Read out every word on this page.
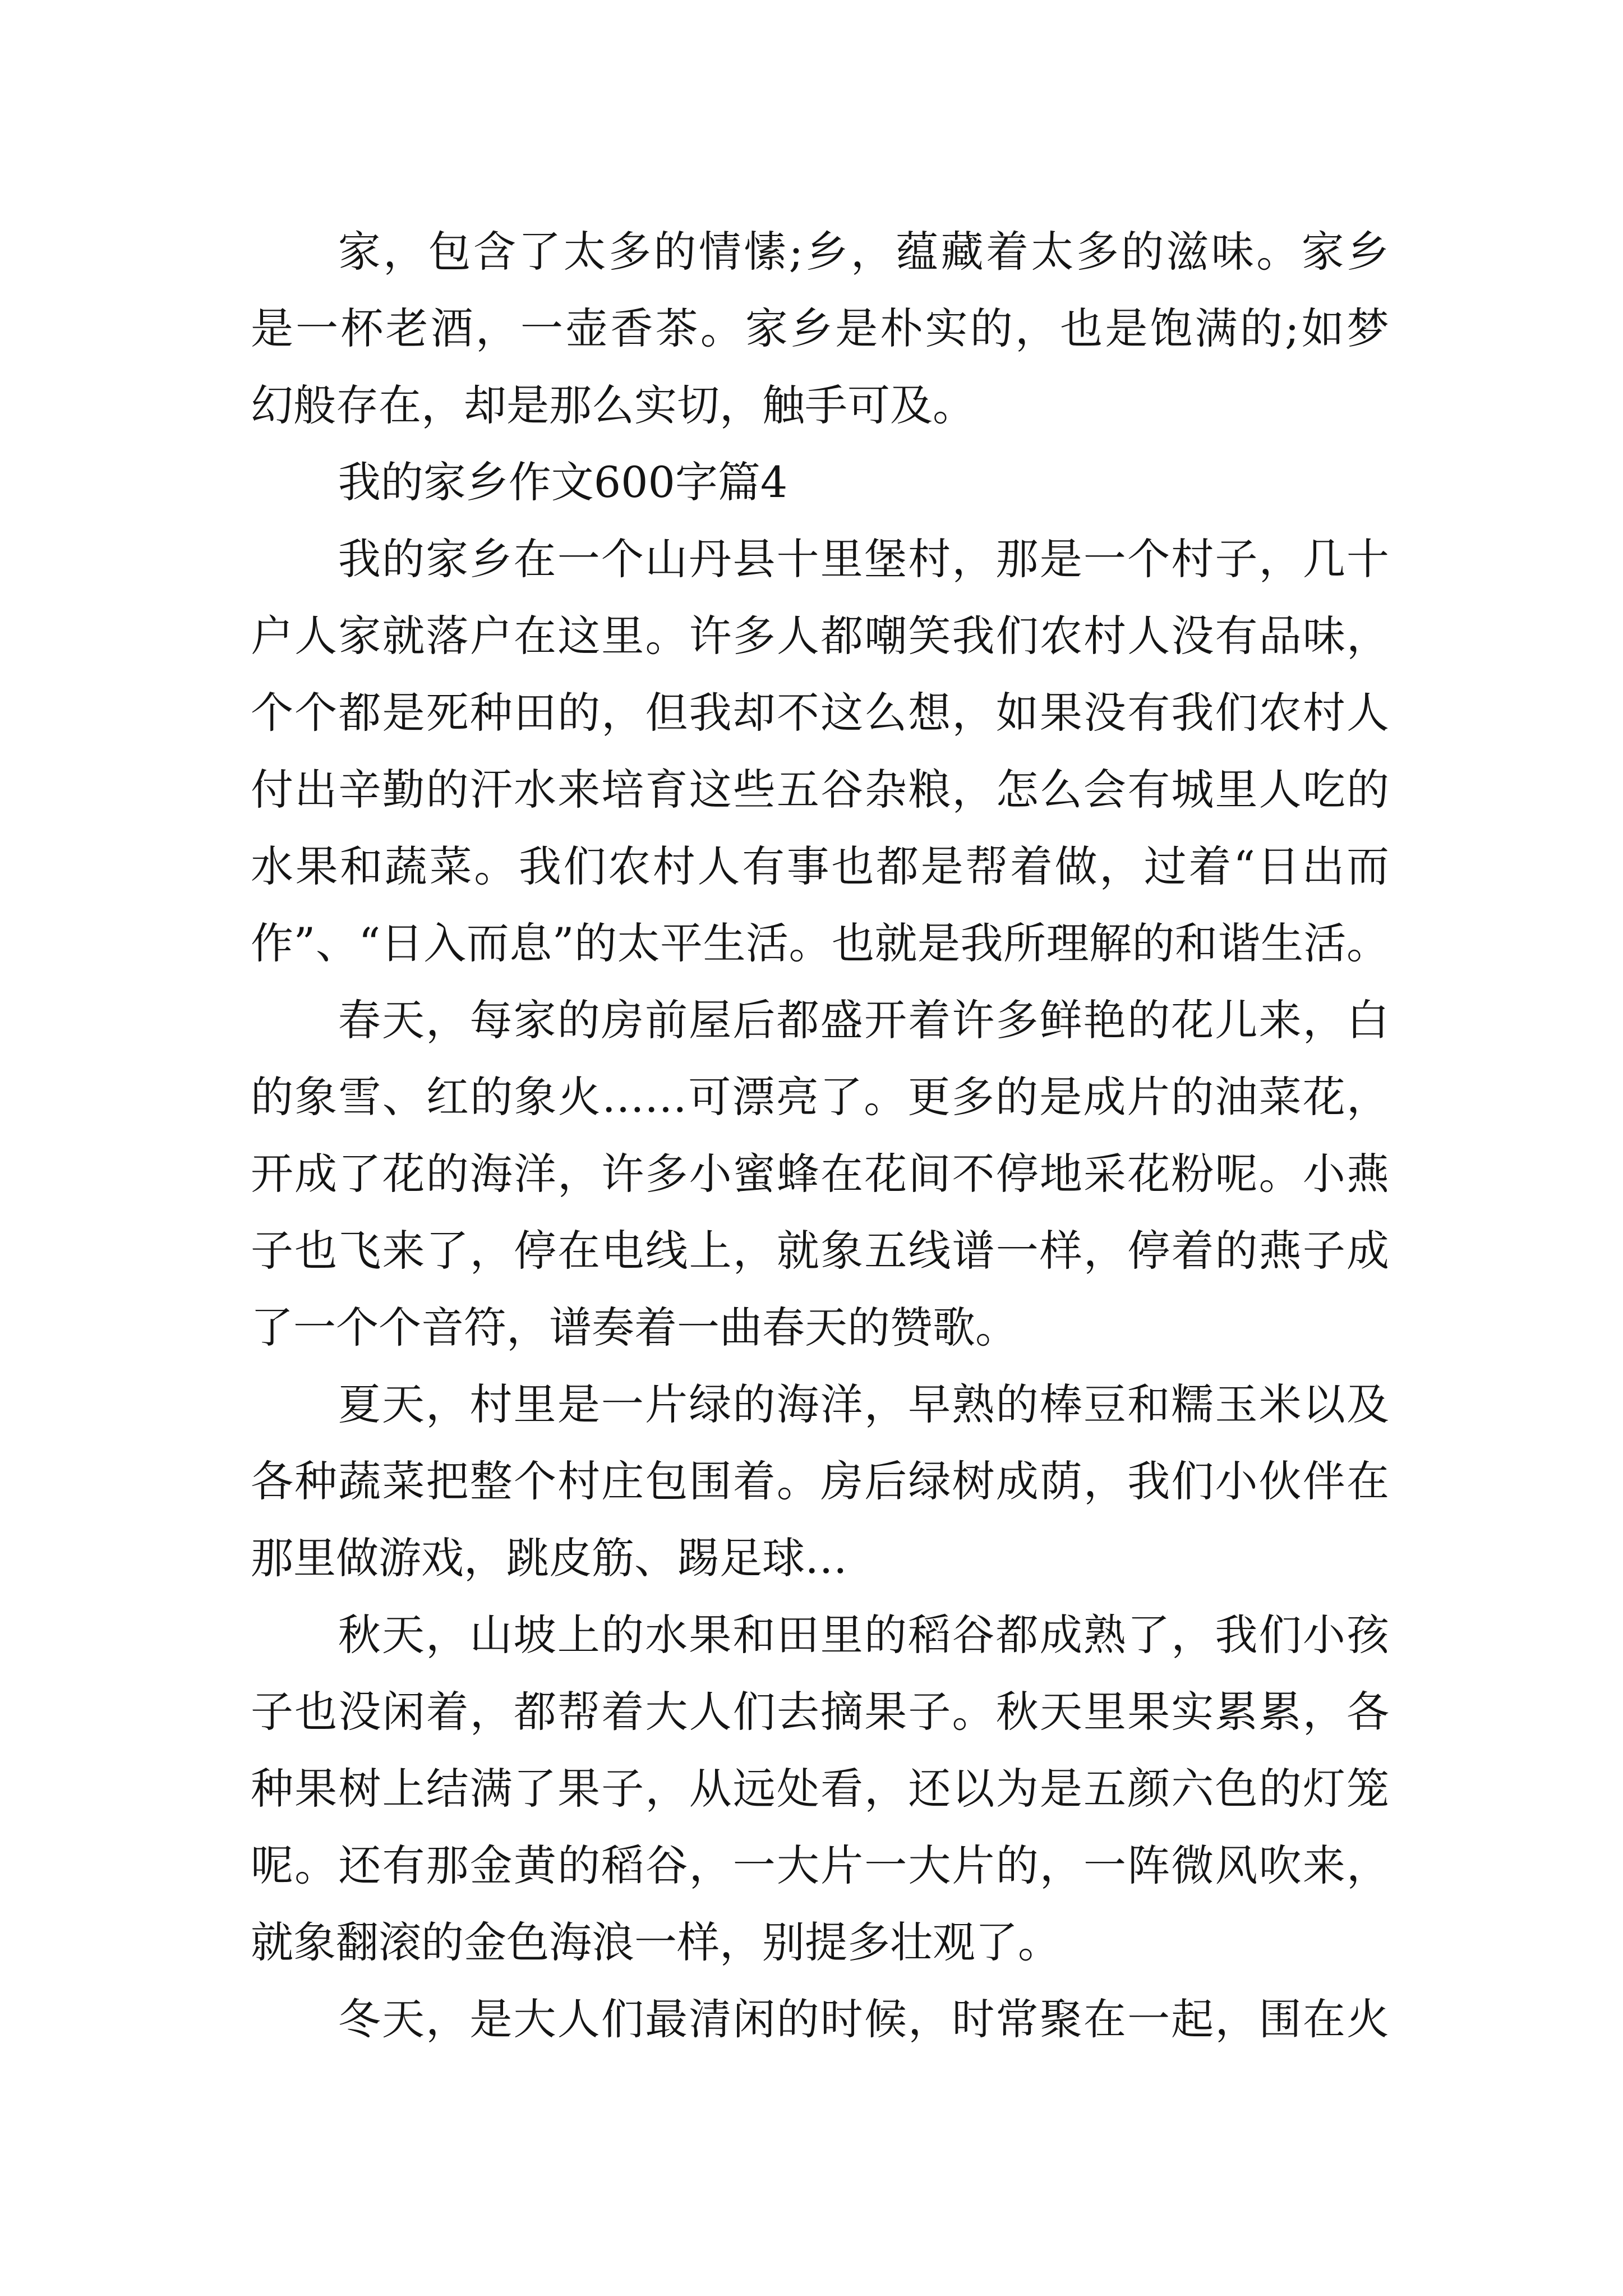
家，包含了太多的情愫;乡，蕴藏着太多的滋味。家乡
是一杯老酒，一壶香茶。家乡是朴实的，也是饱满的;如梦
幻般存在，却是那么实切，触手可及。
我的家乡作文600字篇4
我的家乡在一个山丹县十里堡村，那是一个村子，几十
户人家就落户在这里。许多人都嘲笑我们农村人没有品味，
个个都是死种田的，但我却不这么想，如果没有我们农村人
付出辛勤的汗水来培育这些五谷杂粮，怎么会有城里人吃的
水果和蔬菜。我们农村人有事也都是帮着做，过着“日出而
作”、“日入而息”的太平生活。也就是我所理解的和谐生活。
春天，每家的房前屋后都盛开着许多鲜艳的花儿来，白
的象雪、红的象火……可漂亮了。更多的是成片的油菜花，
开成了花的海洋，许多小蜜蜂在花间不停地采花粉呢。小燕
子也飞来了，停在电线上，就象五线谱一样，停着的燕子成
了一个个音符，谱奏着一曲春天的赞歌。
夏天，村里是一片绿的海洋，早熟的棒豆和糯玉米以及
各种蔬菜把整个村庄包围着。房后绿树成荫，我们小伙伴在
那里做游戏，跳皮筋、踢足球…
秋天，山坡上的水果和田里的稻谷都成熟了，我们小孩
子也没闲着，都帮着大人们去摘果子。秋天里果实累累，各
种果树上结满了果子，从远处看，还以为是五颜六色的灯笼
呢。还有那金黄的稻谷，一大片一大片的，一阵微风吹来，
就象翻滚的金色海浪一样，别提多壮观了。
冬天，是大人们最清闲的时候，时常聚在一起，围在火
